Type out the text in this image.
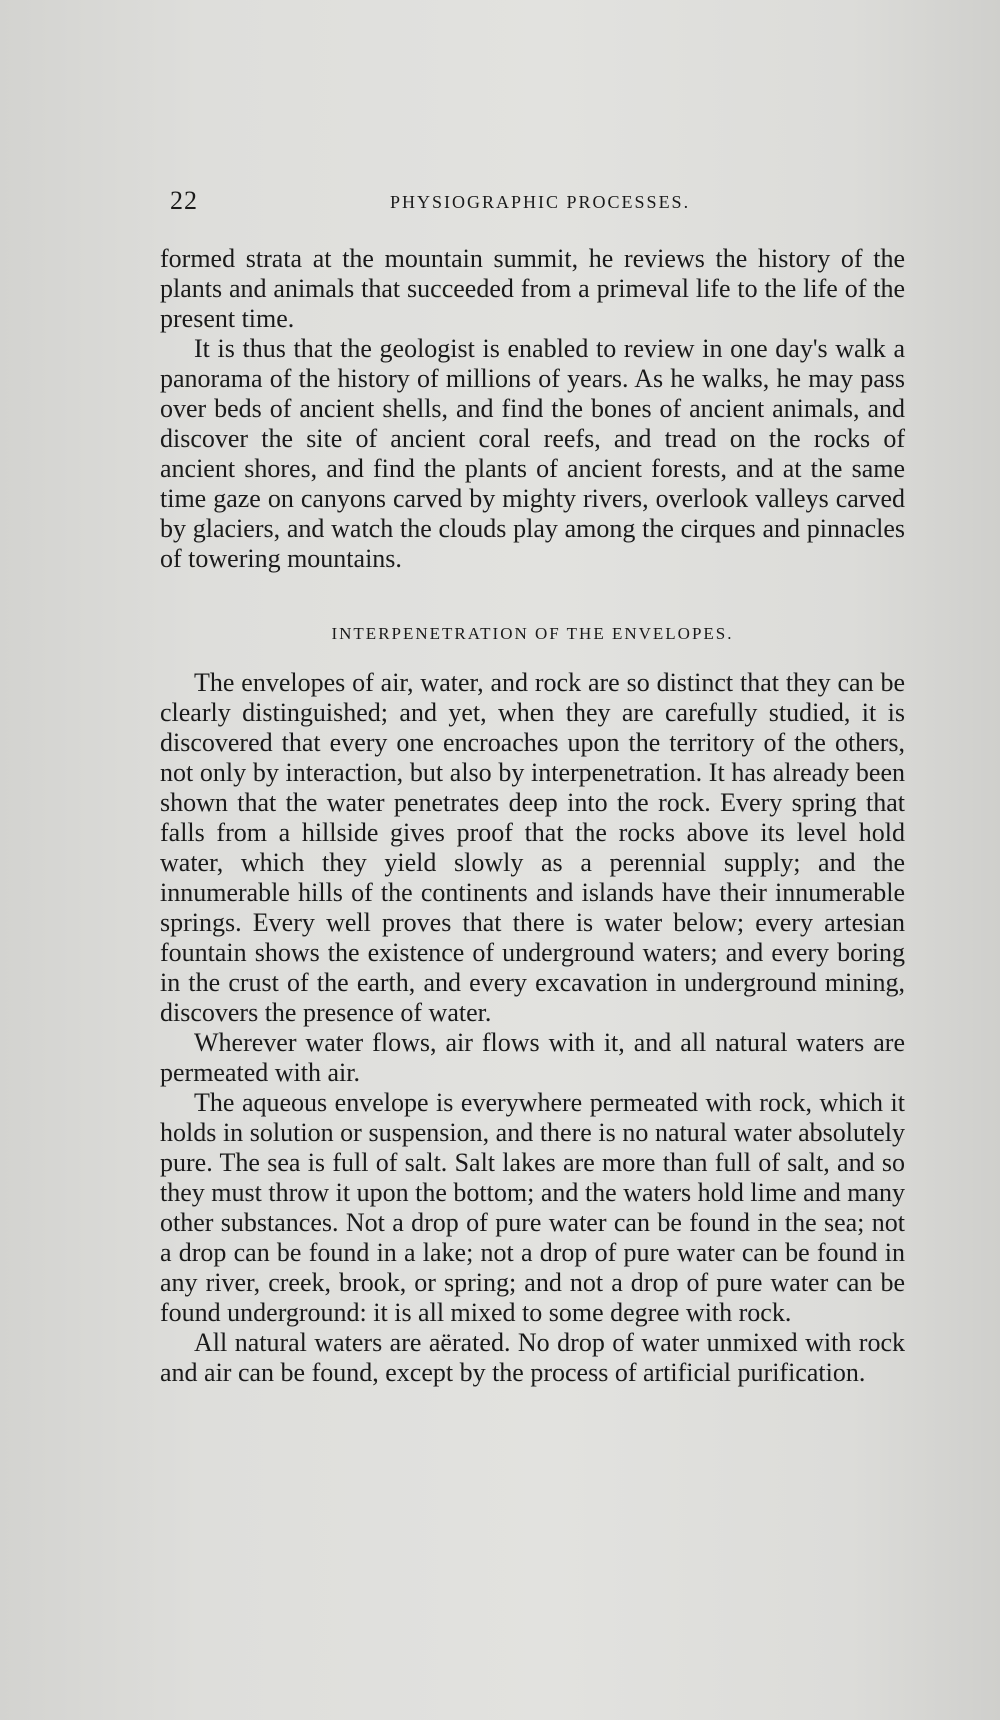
22	PHYSIOGRAPHIC PROCESSES.

formed strata at the mountain summit, he reviews the history of the plants and animals that succeeded from a primeval life to the life of the present time.

It is thus that the geologist is enabled to review in one day's walk a panorama of the history of millions of years. As he walks, he may pass over beds of ancient shells, and find the bones of ancient animals, and discover the site of ancient coral reefs, and tread on the rocks of ancient shores, and find the plants of ancient forests, and at the same time gaze on canyons carved by mighty rivers, overlook valleys carved by glaciers, and watch the clouds play among the cirques and pinnacles of towering mountains.

INTERPENETRATION OF THE ENVELOPES.

The envelopes of air, water, and rock are so distinct that they can be clearly distinguished; and yet, when they are carefully studied, it is discovered that every one encroaches upon the territory of the others, not only by interaction, but also by interpenetration. It has already been shown that the water penetrates deep into the rock. Every spring that falls from a hillside gives proof that the rocks above its level hold water, which they yield slowly as a perennial supply; and the innumerable hills of the continents and islands have their innumerable springs. Every well proves that there is water below; every artesian fountain shows the existence of underground waters; and every boring in the crust of the earth, and every excavation in underground mining, discovers the presence of water.

Wherever water flows, air flows with it, and all natural waters are permeated with air.

The aqueous envelope is everywhere permeated with rock, which it holds in solution or suspension, and there is no natural water absolutely pure. The sea is full of salt. Salt lakes are more than full of salt, and so they must throw it upon the bottom; and the waters hold lime and many other substances. Not a drop of pure water can be found in the sea; not a drop can be found in a lake; not a drop of pure water can be found in any river, creek, brook, or spring; and not a drop of pure water can be found underground: it is all mixed to some degree with rock.

All natural waters are aërated. No drop of water unmixed with rock and air can be found, except by the process of artificial purification.
